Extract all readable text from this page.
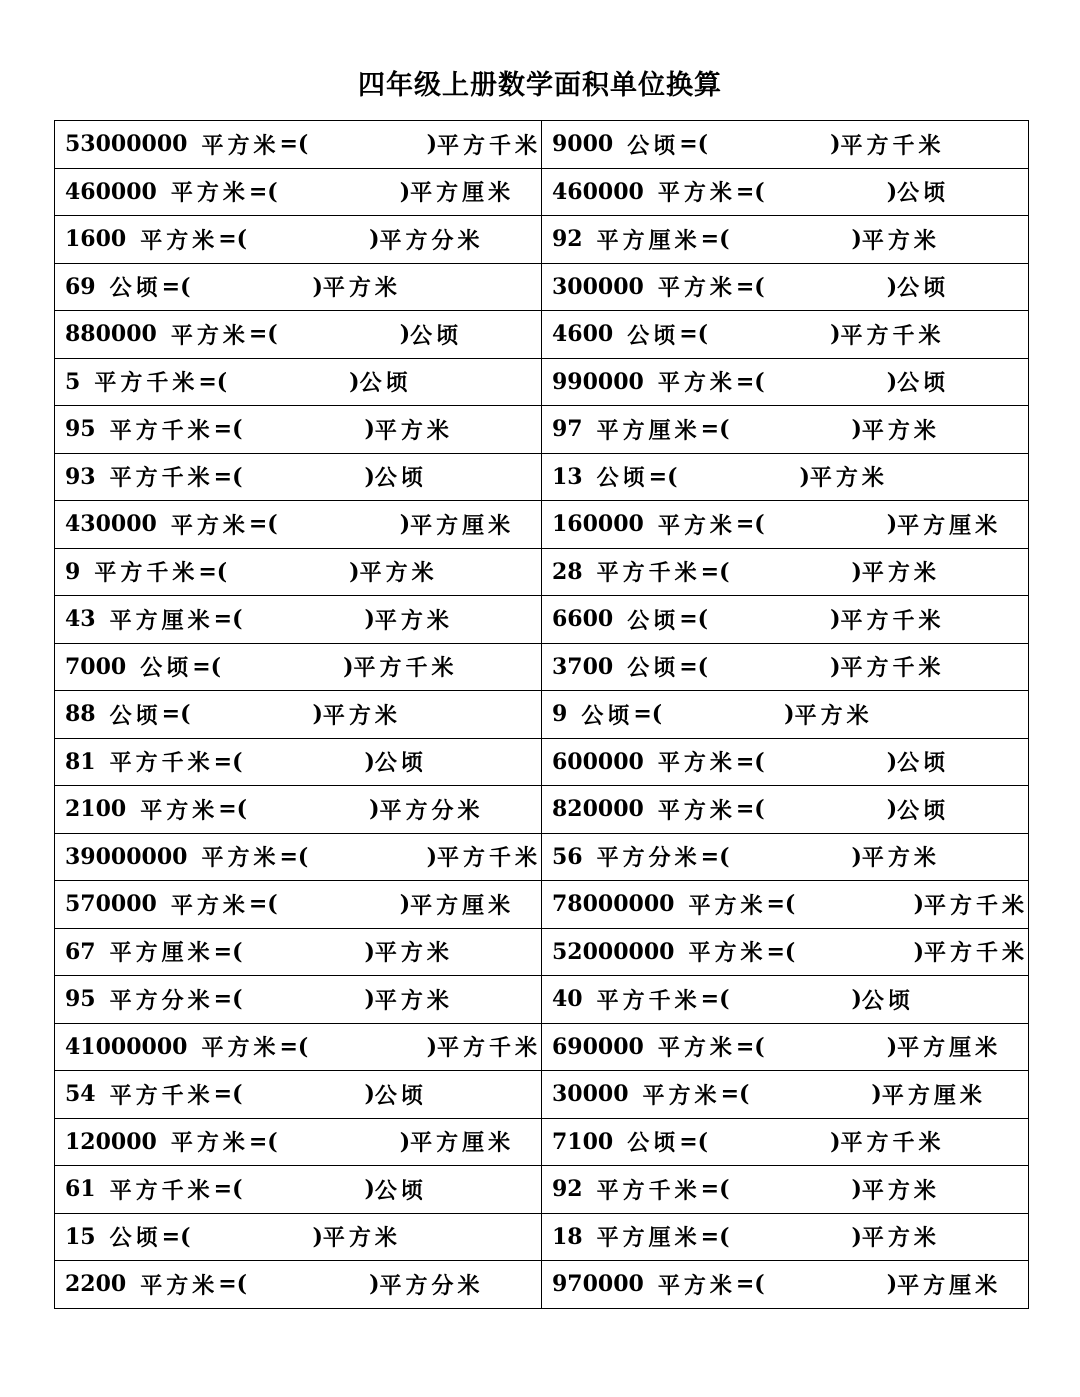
四年级上册数学面积单位换算
53000000 平方米 =( ) 平方千米	9000 公顷 =( ) 平方千米

460000 平方米 =( ) 平方厘米	460000 平方米 =( ) 公顷

1600 平方米 =( ) 平方分米	92 平方厘米 =( ) 平方米

69 公顷 =( ) 平方米	300000 平方米 =( ) 公顷

880000 平方米 =( ) 公顷	4600 公顷 =( ) 平方千米

5 平方千米 =( ) 公顷	990000 平方米 =( ) 公顷

95 平方千米 =( ) 平方米	97 平方厘米 =( ) 平方米

93 平方千米 =( ) 公顷	13 公顷 =( ) 平方米

430000 平方米 =( ) 平方厘米	160000 平方米 =( ) 平方厘米

9 平方千米 =( ) 平方米	28 平方千米 =( ) 平方米

43 平方厘米 =( ) 平方米	6600 公顷 =( ) 平方千米

7000 公顷 =( ) 平方千米	3700 公顷 =( ) 平方千米

88 公顷 =( ) 平方米	9 公顷 =( ) 平方米

81 平方千米 =( ) 公顷	600000 平方米 =( ) 公顷

2100 平方米 =( ) 平方分米	820000 平方米 =( ) 公顷

39000000 平方米 =( ) 平方千米	56 平方分米 =( ) 平方米

570000 平方米 =( ) 平方厘米	78000000 平方米 =( ) 平方千米

67 平方厘米 =( ) 平方米	52000000 平方米 =( ) 平方千米

95 平方分米 =( ) 平方米	40 平方千米 =( ) 公顷

41000000 平方米 =( ) 平方千米	690000 平方米 =( ) 平方厘米

54 平方千米 =( ) 公顷	30000 平方米 =( ) 平方厘米

120000 平方米 =( ) 平方厘米	7100 公顷 =( ) 平方千米

61 平方千米 =( ) 公顷	92 平方千米 =( ) 平方米

15 公顷 =( ) 平方米	18 平方厘米 =( ) 平方米

2200 平方米 =( ) 平方分米	970000 平方米 =( ) 平方厘米
